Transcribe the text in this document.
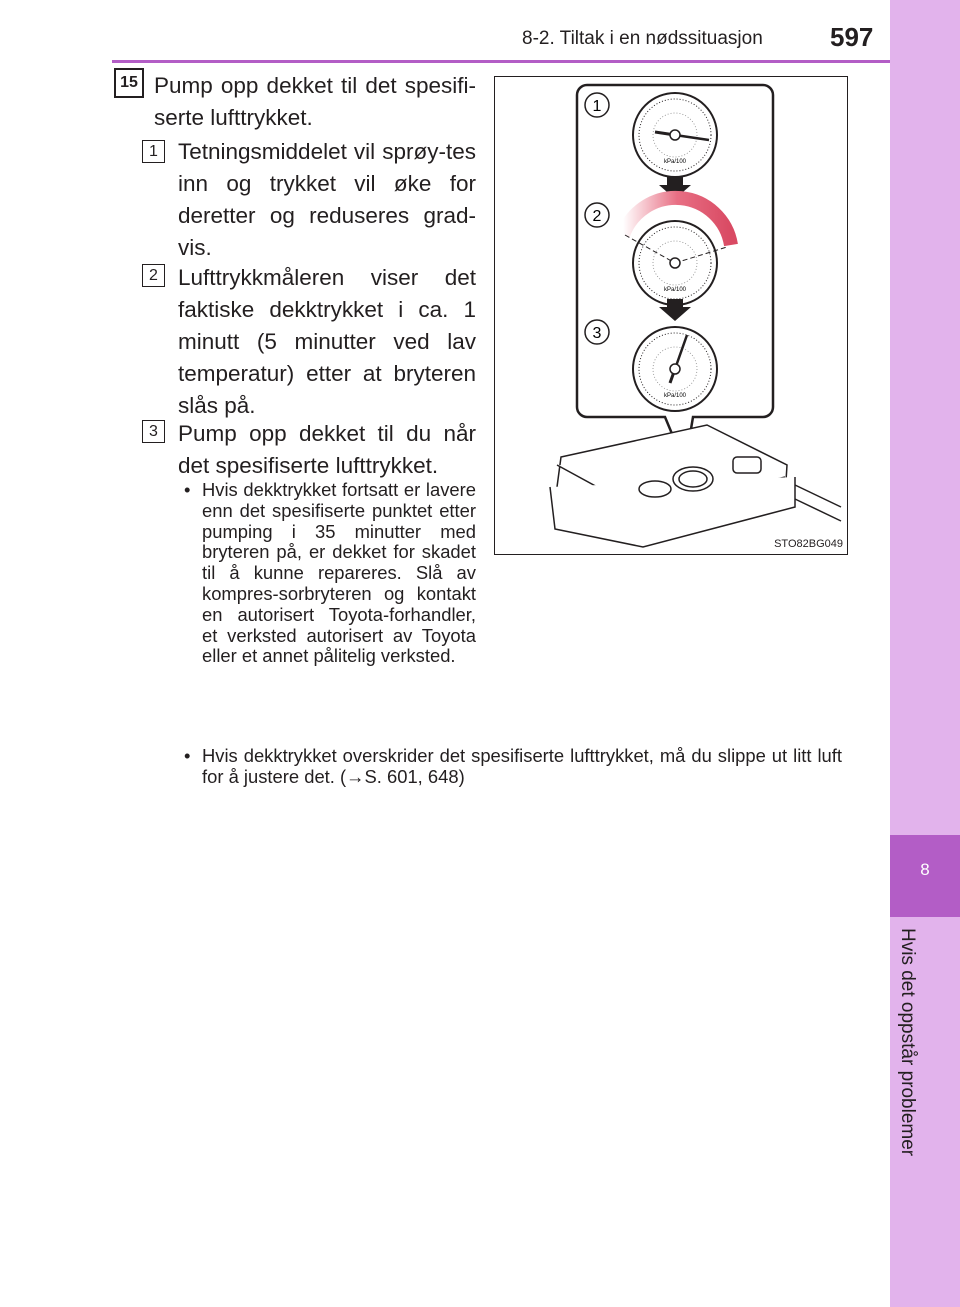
8-2. Tiltak i en nødssituasjon	597
8
Hvis det oppstår problemer
15 Pump opp dekket til det spesifi-serte lufttrykket.
1 Tetningsmiddelet vil sprøy-tes inn og trykket vil øke for deretter og reduseres grad-vis.
2 Lufttrykkmåleren viser det faktiske dekktrykket i ca. 1 minutt (5 minutter ved lav temperatur) etter at bryteren slås på.
3 Pump opp dekket til du når det spesifiserte lufttrykket.
• Hvis dekktrykket fortsatt er lavere enn det spesifiserte punktet etter pumping i 35 minutter med bryteren på, er dekket for skadet til å kunne repareres. Slå av kompres-sorbryteren og kontakt en autorisert Toyota-forhandler, et verksted autorisert av Toyota eller et annet pålitelig verksted.
• Hvis dekktrykket overskrider det spesifiserte lufttrykket, må du slippe ut litt luft for å justere det. (→S. 601, 648)
kPa/100
kPa/100
kPa/100
1
2
3
STO82BG049
